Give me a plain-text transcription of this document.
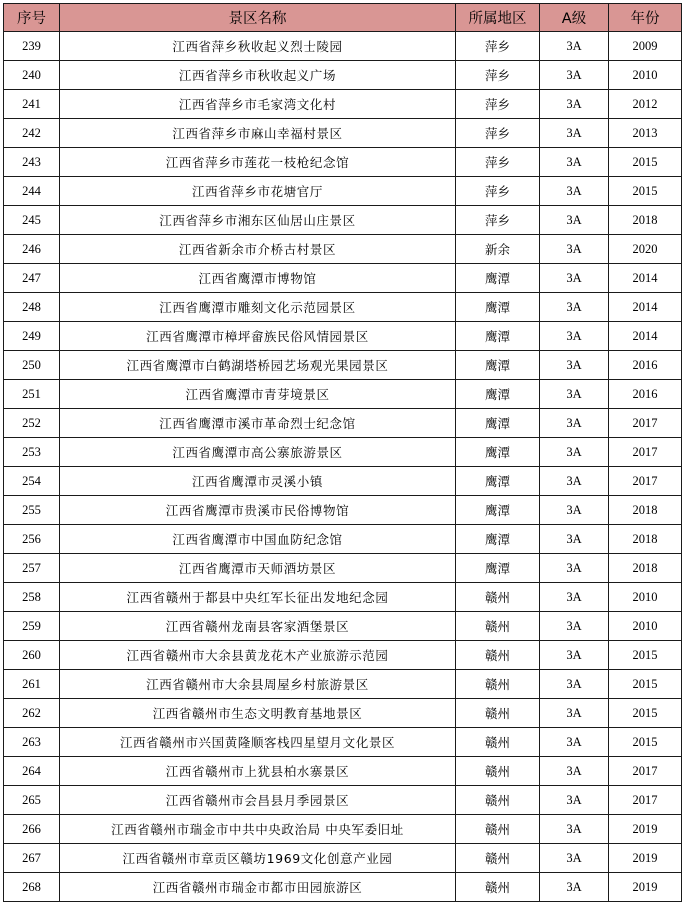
序号	景区名称	所属地区	A级	年份
239	江西省萍乡秋收起义烈士陵园	萍乡	3A	2009
240	江西省萍乡市秋收起义广场	萍乡	3A	2010
241	江西省萍乡市毛家湾文化村	萍乡	3A	2012
242	江西省萍乡市麻山幸福村景区	萍乡	3A	2013
243	江西省萍乡市莲花一枝枪纪念馆	萍乡	3A	2015
244	江西省萍乡市花塘官厅	萍乡	3A	2015
245	江西省萍乡市湘东区仙居山庄景区	萍乡	3A	2018
246	江西省新余市介桥古村景区	新余	3A	2020
247	江西省鹰潭市博物馆	鹰潭	3A	2014
248	江西省鹰潭市雕刻文化示范园景区	鹰潭	3A	2014
249	江西省鹰潭市樟坪畲族民俗风情园景区	鹰潭	3A	2014
250	江西省鹰潭市白鹤湖塔桥园艺场观光果园景区	鹰潭	3A	2016
251	江西省鹰潭市青芽境景区	鹰潭	3A	2016
252	江西省鹰潭市溪市革命烈士纪念馆	鹰潭	3A	2017
253	江西省鹰潭市高公寨旅游景区	鹰潭	3A	2017
254	江西省鹰潭市灵溪小镇	鹰潭	3A	2017
255	江西省鹰潭市贵溪市民俗博物馆	鹰潭	3A	2018
256	江西省鹰潭市中国血防纪念馆	鹰潭	3A	2018
257	江西省鹰潭市天师酒坊景区	鹰潭	3A	2018
258	江西省赣州于都县中央红军长征出发地纪念园	赣州	3A	2010
259	江西省赣州龙南县客家酒堡景区	赣州	3A	2010
260	江西省赣州市大余县黄龙花木产业旅游示范园	赣州	3A	2015
261	江西省赣州市大余县周屋乡村旅游景区	赣州	3A	2015
262	江西省赣州市生态文明教育基地景区	赣州	3A	2015
263	江西省赣州市兴国黄隆顺客栈四星望月文化景区	赣州	3A	2015
264	江西省赣州市上犹县柏水寨景区	赣州	3A	2017
265	江西省赣州市会昌县月季园景区	赣州	3A	2017
266	江西省赣州市瑞金市中共中央政治局 中央军委旧址	赣州	3A	2019
267	江西省赣州市章贡区赣坊1969文化创意产业园	赣州	3A	2019
268	江西省赣州市瑞金市都市田园旅游区	赣州	3A	2019
